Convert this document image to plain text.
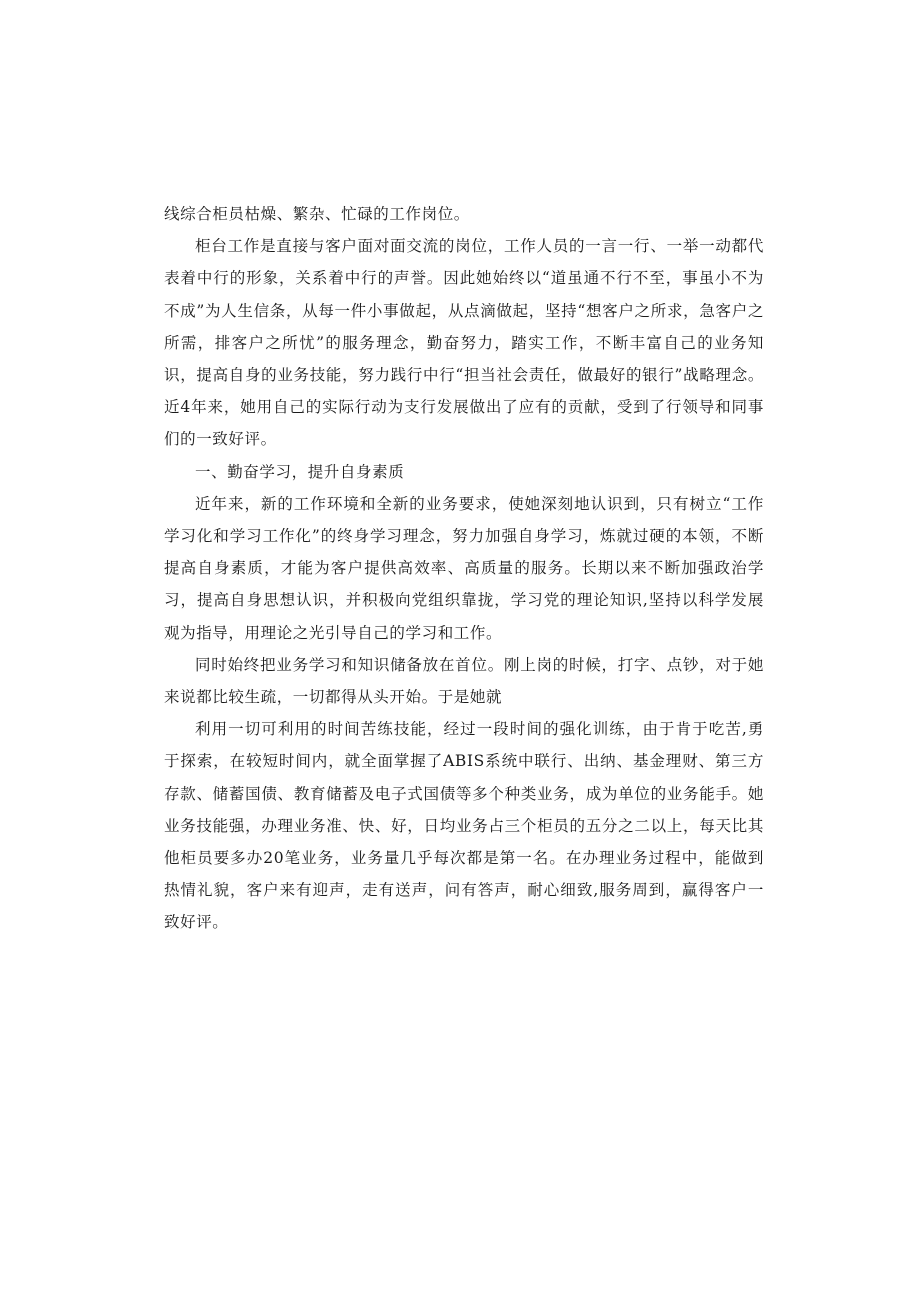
线综合柜员枯燥、繁杂、忙碌的工作岗位。

柜台工作是直接与客户面对面交流的岗位，工作人员的一言一行、一举一动都代表着中行的形象，关系着中行的声誉。因此她始终以“道虽通不行不至，事虽小不为不成”为人生信条，从每一件小事做起，从点滴做起，坚持“想客户之所求，急客户之所需，排客户之所忧”的服务理念，勤奋努力，踏实工作，不断丰富自己的业务知识，提高自身的业务技能，努力践行中行“担当社会责任，做最好的银行”战略理念。近4年来，她用自己的实际行动为支行发展做出了应有的贡献，受到了行领导和同事们的一致好评。

一、勤奋学习，提升自身素质

近年来，新的工作环境和全新的业务要求，使她深刻地认识到，只有树立“工作学习化和学习工作化”的终身学习理念，努力加强自身学习，炼就过硬的本领，不断提高自身素质，才能为客户提供高效率、高质量的服务。长期以来不断加强政治学习，提高自身思想认识，并积极向党组织靠拢，学习党的理论知识,坚持以科学发展观为指导，用理论之光引导自己的学习和工作。

同时始终把业务学习和知识储备放在首位。刚上岗的时候，打字、点钞，对于她来说都比较生疏，一切都得从头开始。于是她就

利用一切可利用的时间苦练技能，经过一段时间的强化训练，由于肯于吃苦,勇于探索，在较短时间内，就全面掌握了ABIS系统中联行、出纳、基金理财、第三方存款、储蓄国债、教育储蓄及电子式国债等多个种类业务，成为单位的业务能手。她业务技能强，办理业务准、快、好，日均业务占三个柜员的五分之二以上，每天比其他柜员要多办20笔业务，业务量几乎每次都是第一名。在办理业务过程中，能做到热情礼貌，客户来有迎声，走有送声，问有答声，耐心细致,服务周到，赢得客户一致好评。
